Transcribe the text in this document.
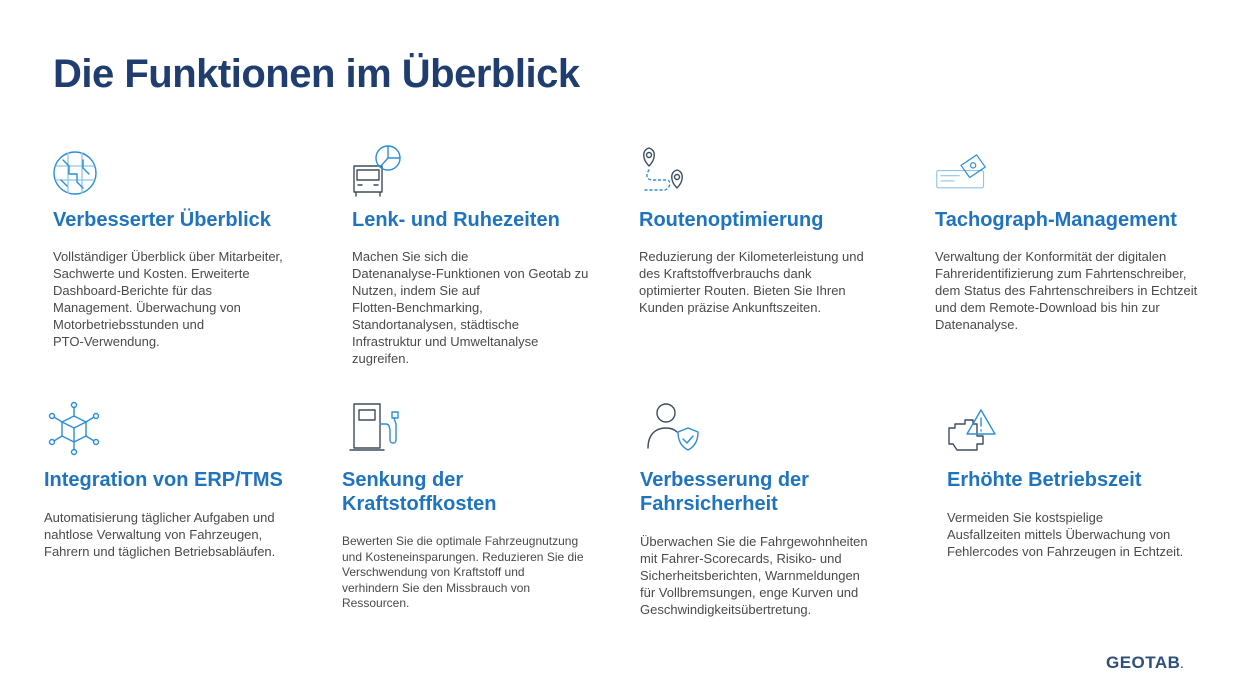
Die Funktionen im Überblick
Verbesserter Überblick
Vollständiger Überblick über Mitarbeiter,
Sachwerte und Kosten. Erweiterte
Dashboard-Berichte für das
Management. Überwachung von
Motorbetriebsstunden und
PTO-Verwendung.
Lenk- und Ruhezeiten
Machen Sie sich die
Datenanalyse-Funktionen von Geotab zu
Nutzen, indem Sie auf
Flotten-Benchmarking,
Standortanalysen, städtische
Infrastruktur und Umweltanalyse
zugreifen.
Routenoptimierung
Reduzierung der Kilometerleistung und
des Kraftstoffverbrauchs dank
optimierter Routen. Bieten Sie Ihren
Kunden präzise Ankunftszeiten.
Tachograph-Management
Verwaltung der Konformität der digitalen
Fahreridentifizierung zum Fahrtenschreiber,
dem Status des Fahrtenschreibers in Echtzeit
und dem Remote-Download bis hin zur
Datenanalyse.
Integration von ERP/TMS
Automatisierung täglicher Aufgaben und
nahtlose Verwaltung von Fahrzeugen,
Fahrern und täglichen Betriebsabläufen.
Senkung der
Kraftstoffkosten
Bewerten Sie die optimale Fahrzeugnutzung
und Kosteneinsparungen. Reduzieren Sie die
Verschwendung von Kraftstoff und
verhindern Sie den Missbrauch von
Ressourcen.
Verbesserung der
Fahrsicherheit
Überwachen Sie die Fahrgewohnheiten
mit Fahrer-Scorecards, Risiko- und
Sicherheitsberichten, Warnmeldungen
für Vollbremsungen, enge Kurven und
Geschwindigkeitsübertretung.
Erhöhte Betriebszeit
Vermeiden Sie kostspielige
Ausfallzeiten mittels Überwachung von
Fehlercodes von Fahrzeugen in Echtzeit.
GEOTAB.
